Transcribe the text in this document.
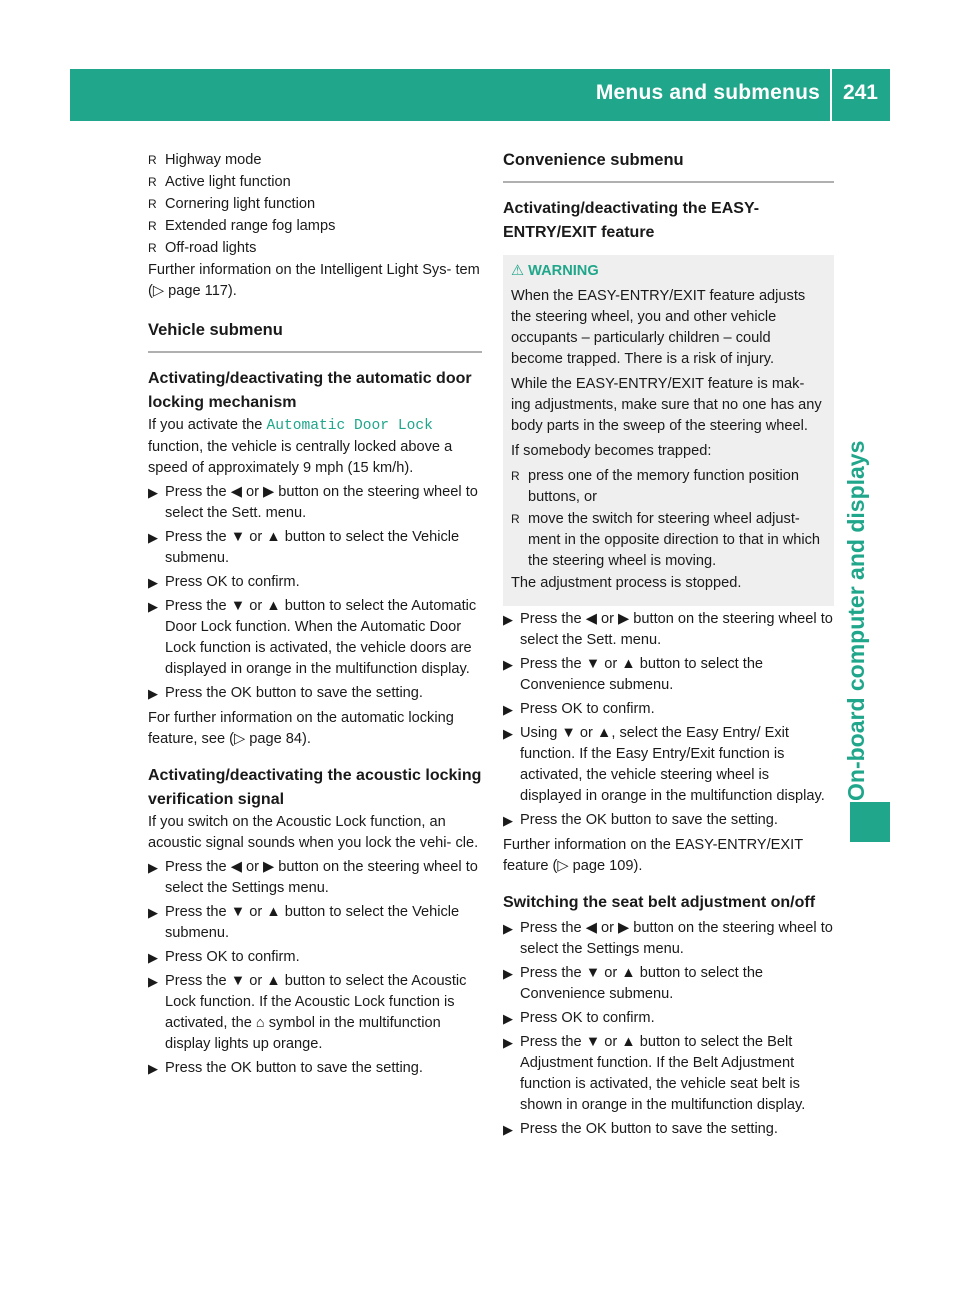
Menus and submenus 241
On-board computer and displays
R Highway mode
R Active light function
R Cornering light function
R Extended range fog lamps
R Off-road lights

Further information on the Intelligent Light Sys- tem (▷ page 117).

Vehicle submenu
Activating/deactivating the automatic door locking mechanism

If you activate the Automatic Door Lock function, the vehicle is centrally locked above a speed of approximately 9 mph (15 km/h).

▶ Press the ◀ or ▶ button on the steering wheel to select the Sett. menu.
▶ Press the ▼ or ▲ button to select the Vehicle submenu.
▶ Press OK to confirm.
▶ Press the ▼ or ▲ button to select the Automatic Door Lock function. When the Automatic Door Lock function is activated, the vehicle doors are displayed in orange in the multifunction display.
▶ Press the OK button to save the setting.

For further information on the automatic locking feature, see (▷ page 84).

Activating/deactivating the acoustic locking verification signal

If you switch on the Acoustic Lock function, an acoustic signal sounds when you lock the vehi- cle.

▶ Press the ◀ or ▶ button on the steering wheel to select the Settings menu.
▶ Press the ▼ or ▲ button to select the Vehicle submenu.
▶ Press OK to confirm.
▶ Press the ▼ or ▲ button to select the Acoustic Lock function. If the Acoustic Lock function is activated, the ⌂ symbol in the multifunction display lights up orange.
▶ Press the OK button to save the setting.
Convenience submenu
Activating/deactivating the EASY- ENTRY/EXIT feature
⚠ WARNING

When the EASY-ENTRY/EXIT feature adjusts the steering wheel, you and other vehicle occupants – particularly children – could become trapped. There is a risk of injury.

While the EASY-ENTRY/EXIT feature is mak- ing adjustments, make sure that no one has any body parts in the sweep of the steering wheel.

If somebody becomes trapped:

R press one of the memory function position buttons, or
R move the switch for steering wheel adjust- ment in the opposite direction to that in which the steering wheel is moving.

The adjustment process is stopped.

▶ Press the ◀ or ▶ button on the steering wheel to select the Sett. menu.
▶ Press the ▼ or ▲ button to select the Convenience submenu.
▶ Press OK to confirm.
▶ Using ▼ or ▲, select the Easy Entry/ Exit function. If the Easy Entry/Exit function is activated, the vehicle steering wheel is displayed in orange in the multifunction display.
▶ Press the OK button to save the setting.

Further information on the EASY-ENTRY/EXIT feature (▷ page 109).

Switching the seat belt adjustment on/off
▶ Press the ◀ or ▶ button on the steering wheel to select the Settings menu.
▶ Press the ▼ or ▲ button to select the Convenience submenu.
▶ Press OK to confirm.
▶ Press the ▼ or ▲ button to select the Belt Adjustment function. If the Belt Adjustment function is activated, the vehicle seat belt is shown in orange in the multifunction display.
▶ Press the OK button to save the setting.
